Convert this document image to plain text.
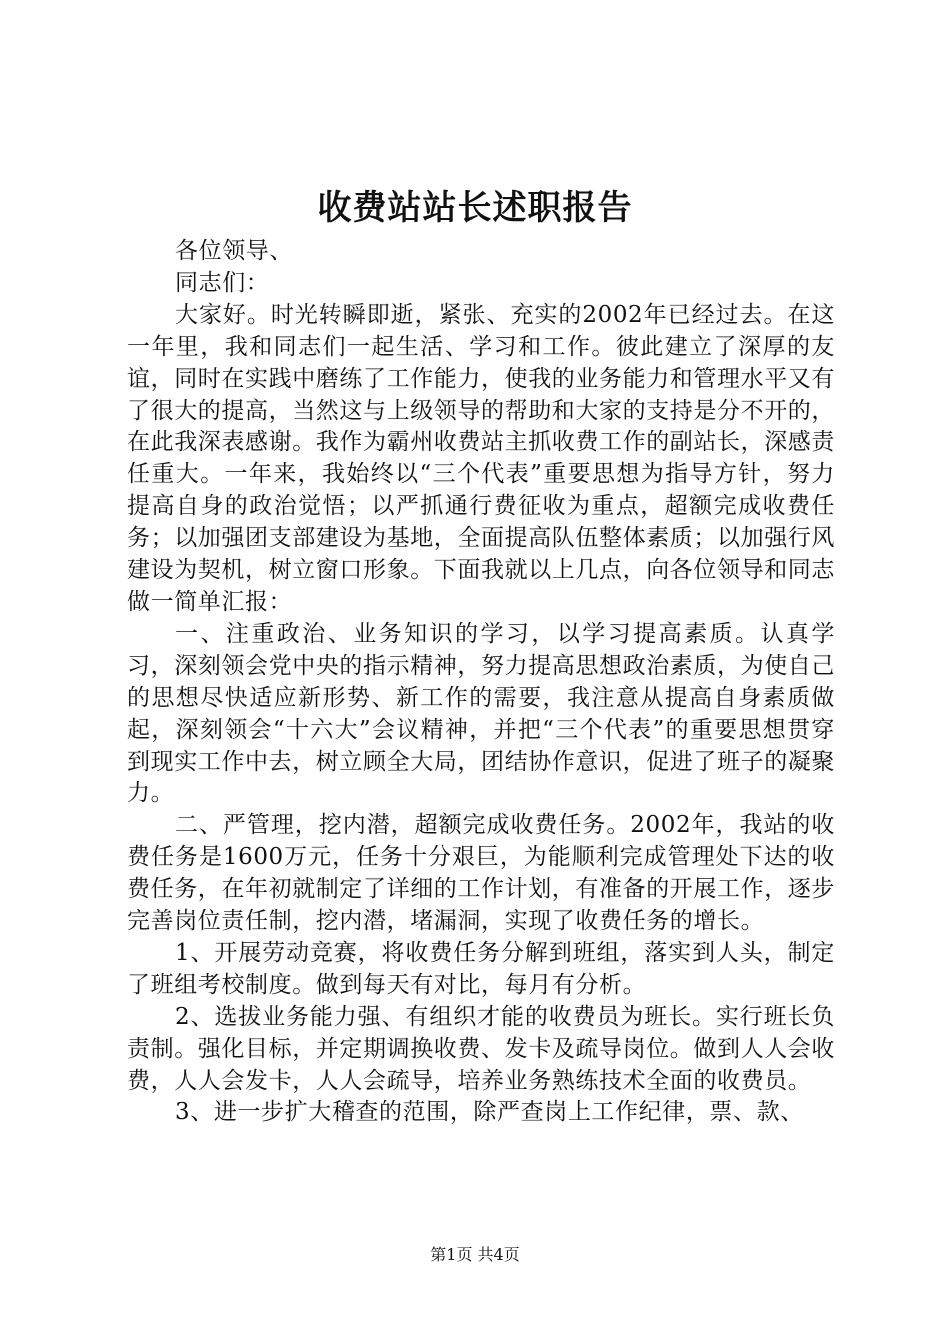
收费站站长述职报告

各位领导、

同志们：

大家好。时光转瞬即逝，紧张、充实的2002年已经过去。在这一年里，我和同志们一起生活、学习和工作。彼此建立了深厚的友谊，同时在实践中磨练了工作能力，使我的业务能力和管理水平又有了很大的提高，当然这与上级领导的帮助和大家的支持是分不开的，在此我深表感谢。我作为霸州收费站主抓收费工作的副站长，深感责任重大。一年来，我始终以“三个代表”重要思想为指导方针，努力提高自身的政治觉悟；以严抓通行费征收为重点，超额完成收费任务；以加强团支部建设为基地，全面提高队伍整体素质；以加强行风建设为契机，树立窗口形象。下面我就以上几点，向各位领导和同志做一简单汇报：

一、注重政治、业务知识的学习，以学习提高素质。认真学习，深刻领会党中央的指示精神，努力提高思想政治素质，为使自己的思想尽快适应新形势、新工作的需要，我注意从提高自身素质做起，深刻领会“十六大”会议精神，并把“三个代表”的重要思想贯穿到现实工作中去，树立顾全大局，团结协作意识，促进了班子的凝聚力。

二、严管理，挖内潜，超额完成收费任务。2002年，我站的收费任务是1600万元，任务十分艰巨，为能顺利完成管理处下达的收费任务，在年初就制定了详细的工作计划，有准备的开展工作，逐步完善岗位责任制，挖内潜，堵漏洞，实现了收费任务的增长。

1、开展劳动竞赛，将收费任务分解到班组，落实到人头，制定了班组考校制度。做到每天有对比，每月有分析。

2、选拔业务能力强、有组织才能的收费员为班长。实行班长负责制。强化目标，并定期调换收费、发卡及疏导岗位。做到人人会收费，人人会发卡，人人会疏导，培养业务熟练技术全面的收费员。

3、进一步扩大稽查的范围，除严查岗上工作纪律，票、款、

第1页 共4页
